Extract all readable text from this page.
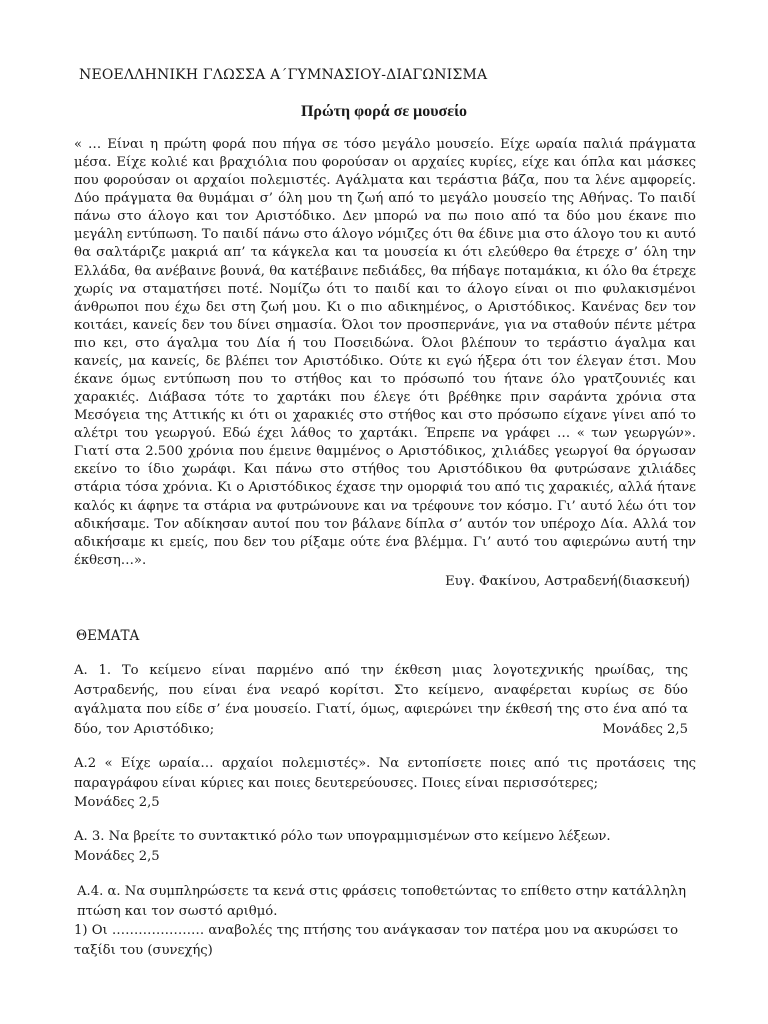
ΝΕΟΕΛΛΗΝΙΚΗ ΓΛΩΣΣΑ Α΄ΓΥΜΝΑΣΙΟΥ-ΔΙΑΓΩΝΙΣΜΑ
Πρώτη φορά σε μουσείο
« … Είναι η πρώτη φορά που πήγα σε τόσο μεγάλο μουσείο. Είχε ωραία παλιά πράγματα μέσα. Είχε κολιέ και βραχιόλια που φορούσαν οι αρχαίες κυρίες, είχε και όπλα και μάσκες που φορούσαν οι αρχαίοι πολεμιστές. Αγάλματα και τεράστια βάζα, που τα λένε αμφορείς. Δύο πράγματα θα θυμάμαι σ’ όλη μου τη ζωή από το μεγάλο μουσείο της Αθήνας. Το παιδί πάνω στο άλογο και τον Αριστόδικο. Δεν μπορώ να πω ποιο από τα δύο μου έκανε πιο μεγάλη εντύπωση. Το παιδί πάνω στο άλογο νόμιζες ότι θα έδινε μια στο άλογο του κι αυτό θα σαλτάριζε μακριά απ’ τα κάγκελα και τα μουσεία κι ότι ελεύθερο θα έτρεχε σ’ όλη την Ελλάδα, θα ανέβαινε βουνά, θα κατέβαινε πεδιάδες, θα πήδαγε ποταμάκια, κι όλο θα έτρεχε χωρίς να σταματήσει ποτέ. Νομίζω ότι το παιδί και το άλογο είναι οι πιο φυλακισμένοι άνθρωποι που έχω δει στη ζωή μου. Κι ο πιο αδικημένος, ο Αριστόδικος. Κανένας δεν τον κοιτάει, κανείς δεν του δίνει σημασία. Όλοι τον προσπερνάνε, για να σταθούν πέντε μέτρα πιο κει, στο άγαλμα του Δία ή του Ποσειδώνα. Όλοι βλέπουν το τεράστιο άγαλμα και κανείς, μα κανείς, δε βλέπει τον Αριστόδικο. Ούτε κι εγώ ήξερα ότι τον έλεγαν έτσι. Μου έκανε όμως εντύπωση που το στήθος και το πρόσωπό του ήτανε όλο γρατζουνιές και χαρακιές. Διάβασα τότε το χαρτάκι που έλεγε ότι βρέθηκε πριν σαράντα χρόνια στα Μεσόγεια της Αττικής κι ότι οι χαρακιές στο στήθος και στο πρόσωπο είχανε γίνει από το αλέτρι του γεωργού. Εδώ έχει λάθος το χαρτάκι. Έπρεπε να γράφει … « των γεωργών». Γιατί στα 2.500 χρόνια που έμεινε θαμμένος ο Αριστόδικος, χιλιάδες γεωργοί θα όργωσαν εκείνο το ίδιο χωράφι. Και πάνω στο στήθος του Αριστόδικου θα φυτρώσανε χιλιάδες στάρια τόσα χρόνια. Κι ο Αριστόδικος έχασε την ομορφιά του από τις χαρακιές, αλλά ήτανε καλός κι άφηνε τα στάρια να φυτρώνουνε και να τρέφουνε τον κόσμο. Γι’ αυτό λέω ότι τον αδικήσαμε. Τον αδίκησαν αυτοί που τον βάλανε δίπλα σ’ αυτόν τον υπέροχο Δία. Αλλά τον αδικήσαμε κι εμείς, που δεν του ρίξαμε ούτε ένα βλέμμα. Γι’ αυτό του αφιερώνω αυτή την έκθεση…».
Ευγ. Φακίνου, Αστραδενή(διασκευή)
ΘΕΜΑΤΑ
Α. 1. Το κείμενο είναι παρμένο από την έκθεση μιας λογοτεχνικής ηρωίδας, της Αστραδενής, που είναι ένα νεαρό κορίτσι. Στο κείμενο, αναφέρεται κυρίως σε δύο αγάλματα που είδε σ’ ένα μουσείο. Γιατί, όμως, αφιερώνει την έκθεσή της στο ένα από τα δύο, τον Αριστόδικο;	Μονάδες 2,5
Α.2 « Είχε ωραία… αρχαίοι πολεμιστές». Να εντοπίσετε ποιες από τις προτάσεις της παραγράφου είναι κύριες και ποιες δευτερεύουσες. Ποιες είναι περισσότερες;
Μονάδες 2,5
Α. 3. Να βρείτε το συντακτικό ρόλο των υπογραμμισμένων στο κείμενο λέξεων.
Μονάδες 2,5
Α.4. α. Να συμπληρώσετε τα κενά στις φράσεις τοποθετώντας το επίθετο στην κατάλληλη πτώση και τον σωστό αριθμό.
1) Οι ………………… αναβολές της πτήσης του ανάγκασαν τον πατέρα μου να ακυρώσει το ταξίδι του (συνεχής)
